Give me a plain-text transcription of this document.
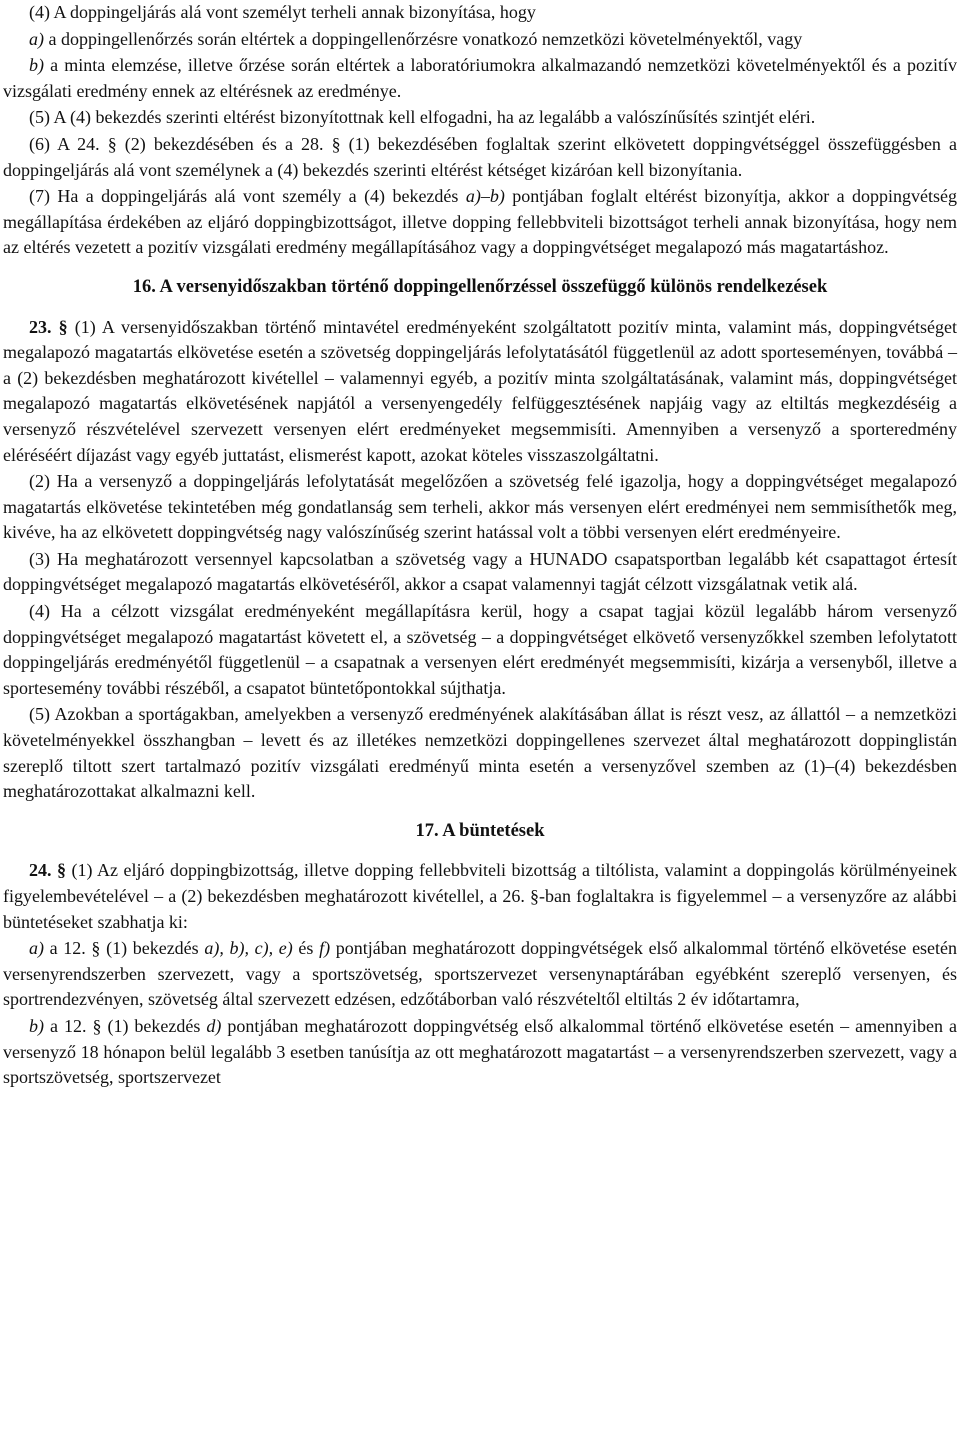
(4) A doppingeljárás alá vont személyt terheli annak bizonyítása, hogy

a) a doppingellenőrzés során eltértek a doppingellenőrzésre vonatkozó nemzetközi követelményektől, vagy

b) a minta elemzése, illetve őrzése során eltértek a laboratóriumokra alkalmazandó nemzetközi követelményektől és a pozitív vizsgálati eredmény ennek az eltérésnek az eredménye.

(5) A (4) bekezdés szerinti eltérést bizonyítottnak kell elfogadni, ha az legalább a valószínűsítés szintjét eléri.

(6) A 24. § (2) bekezdésében és a 28. § (1) bekezdésében foglaltak szerint elkövetett doppingvétséggel összefüggésben a doppingeljárás alá vont személynek a (4) bekezdés szerinti eltérést kétséget kizáróan kell bizonyítania.

(7) Ha a doppingeljárás alá vont személy a (4) bekezdés a)–b) pontjában foglalt eltérést bizonyítja, akkor a doppingvétség megállapítása érdekében az eljáró doppingbizottságot, illetve dopping fellebbviteli bizottságot terheli annak bizonyítása, hogy nem az eltérés vezetett a pozitív vizsgálati eredmény megállapításához vagy a doppingvétséget megalapozó más magatartáshoz.

16. A versenyidőszakban történő doppingellenőrzéssel összefüggő különös rendelkezések

23. § (1) A versenyidőszakban történő mintavétel eredményeként szolgáltatott pozitív minta, valamint más, doppingvétséget megalapozó magatartás elkövetése esetén a szövetség doppingeljárás lefolytatásától függetlenül az adott sporteseményen, továbbá – a (2) bekezdésben meghatározott kivétellel – valamennyi egyéb, a pozitív minta szolgáltatásának, valamint más, doppingvétséget megalapozó magatartás elkövetésének napjától a versenyengedély felfüggesztésének napjáig vagy az eltiltás megkezdéséig a versenyző részvételével szervezett versenyen elért eredményeket megsemmisíti. Amennyiben a versenyző a sporteredmény eléréséért díjazást vagy egyéb juttatást, elismerést kapott, azokat köteles visszaszolgáltatni.

(2) Ha a versenyző a doppingeljárás lefolytatását megelőzően a szövetség felé igazolja, hogy a doppingvétséget megalapozó magatartás elkövetése tekintetében még gondatlanság sem terheli, akkor más versenyen elért eredményei nem semmisíthetők meg, kivéve, ha az elkövetett doppingvétség nagy valószínűség szerint hatással volt a többi versenyen elért eredményeire.

(3) Ha meghatározott versennyel kapcsolatban a szövetség vagy a HUNADO csapatsportban legalább két csapattagot értesít doppingvétséget megalapozó magatartás elkövetéséről, akkor a csapat valamennyi tagját célzott vizsgálatnak vetik alá.

(4) Ha a célzott vizsgálat eredményeként megállapításra kerül, hogy a csapat tagjai közül legalább három versenyző doppingvétséget megalapozó magatartást követett el, a szövetség – a doppingvétséget elkövető versenyzőkkel szemben lefolytatott doppingeljárás eredményétől függetlenül – a csapatnak a versenyen elért eredményét megsemmisíti, kizárja a versenyből, illetve a sportesemény további részéből, a csapatot büntetőpontokkal sújthatja.

(5) Azokban a sportágakban, amelyekben a versenyző eredményének alakításában állat is részt vesz, az állattól – a nemzetközi követelményekkel összhangban – levett és az illetékes nemzetközi doppingellenes szervezet által meghatározott doppinglistán szereplő tiltott szert tartalmazó pozitív vizsgálati eredményű minta esetén a versenyzővel szemben az (1)–(4) bekezdésben meghatározottakat alkalmazni kell.

17. A büntetések

24. § (1) Az eljáró doppingbizottság, illetve dopping fellebbviteli bizottság a tiltólista, valamint a doppingolás körülményeinek figyelembevételével – a (2) bekezdésben meghatározott kivétellel, a 26. §-ban foglaltakra is figyelemmel – a versenyzőre az alábbi büntetéseket szabhatja ki:

a) a 12. § (1) bekezdés a), b), c), e) és f) pontjában meghatározott doppingvétségek első alkalommal történő elkövetése esetén versenyrendszerben szervezett, vagy a sportszövetség, sportszervezet versenynaptárában egyébként szereplő versenyen, és sportrendezvényen, szövetség által szervezett edzésen, edzőtáborban való részvételtől eltiltás 2 év időtartamra,

b) a 12. § (1) bekezdés d) pontjában meghatározott doppingvétség első alkalommal történő elkövetése esetén – amennyiben a versenyző 18 hónapon belül legalább 3 esetben tanúsítja az ott meghatározott magatartást – a versenyrendszerben szervezett, vagy a sportszövetség, sportszervezet
